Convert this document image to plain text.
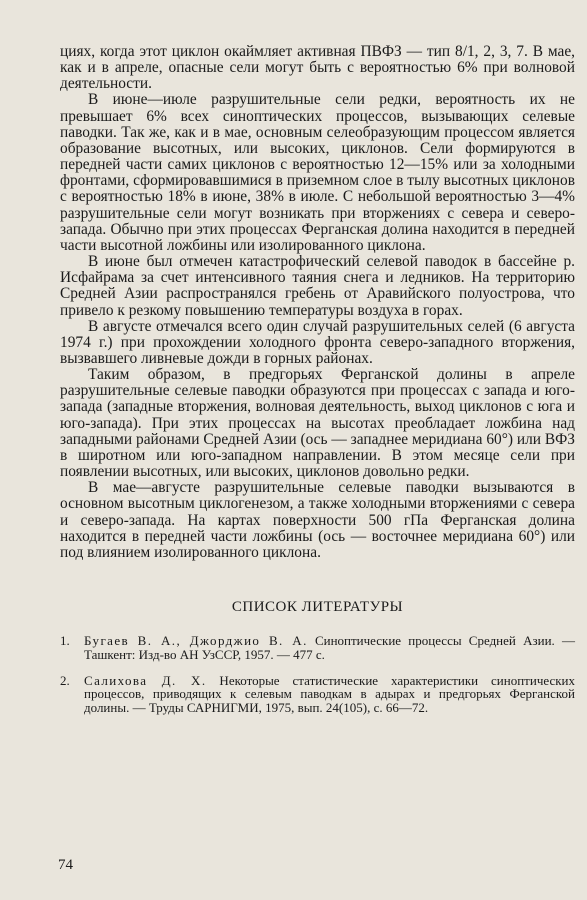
циях, когда этот циклон окаймляет активная ПВФЗ — тип 8/1, 2, 3, 7. В мае, как и в апреле, опасные сели могут быть с вероятностью 6% при волновой деятельности.

В июне—июле разрушительные сели редки, вероятность их не превышает 6% всех синоптических процессов, вызывающих селевые паводки. Так же, как и в мае, основным селеобразующим процессом является образование высотных, или высоких, циклонов. Сели формируются в передней части самих циклонов с вероятностью 12—15% или за холодными фронтами, сформировавшимися в приземном слое в тылу высотных циклонов с вероятностью 18% в июне, 38% в июле. С небольшой вероятностью 3—4% разрушительные сели могут возникать при вторжениях с севера и северо-запада. Обычно при этих процессах Ферганская долина находится в передней части высотной ложбины или изолированного циклона.

В июне был отмечен катастрофический селевой паводок в бассейне р. Исфайрама за счет интенсивного таяния снега и ледников. На территорию Средней Азии распространялся гребень от Аравийского полуострова, что привело к резкому повышению температуры воздуха в горах.

В августе отмечался всего один случай разрушительных селей (6 августа 1974 г.) при прохождении холодного фронта северо-западного вторжения, вызвавшего ливневые дожди в горных районах.

Таким образом, в предгорьях Ферганской долины в апреле разрушительные селевые паводки образуются при процессах с запада и юго-запада (западные вторжения, волновая деятельность, выход циклонов с юга и юго-запада). При этих процессах на высотах преобладает ложбина над западными районами Средней Азии (ось — западнее меридиана 60°) или ВФЗ в широтном или юго-западном направлении. В этом месяце сели при появлении высотных, или высоких, циклонов довольно редки.

В мае—августе разрушительные селевые паводки вызываются в основном высотным циклогенезом, а также холодными вторжениями с севера и северо-запада. На картах поверхности 500 гПа Ферганская долина находится в передней части ложбины (ось — восточнее меридиана 60°) или под влиянием изолированного циклона.

СПИСОК ЛИТЕРАТУРЫ
1.	Бугаев В. А., Джорджио В. А. Синоптические процессы Средней Азии. — Ташкент: Изд-во АН УзССР, 1957. — 477 с.
2.	Салихова Д. Х. Некоторые статистические характеристики синоптических процессов, приводящих к селевым паводкам в адырах и предгорьях Ферганской долины. — Труды САРНИГМИ, 1975, вып. 24(105), с. 66—72.
74
